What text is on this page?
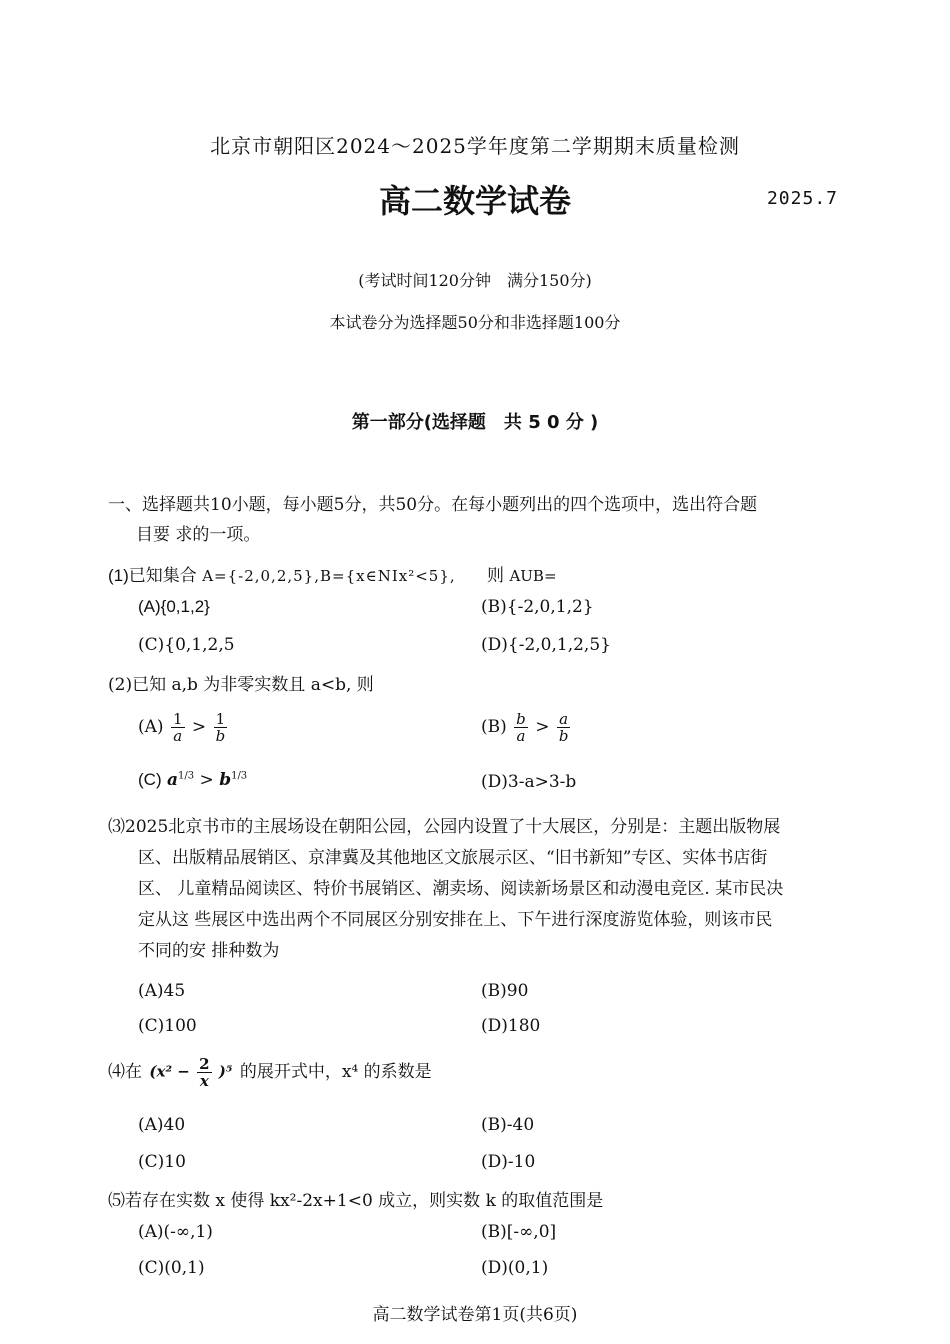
北京市朝阳区2024～2025学年度第二学期期末质量检测
高二数学试卷	2025.7
(考试时间120分钟　满分150分)
本试卷分为选择题50分和非选择题100分
第一部分(选择题　共 5 0 分 )
一、选择题共10小题，每小题5分，共50分。在每小题列出的四个选项中，选出符合题
目要 求的一项。
(1)已知集合 A={-2,0,2,5},B={x∈NIx²<5}, 则 AUB=
(A){0,1,2}	(B){-2,0,1,2}
(C){0,1,2,5	(D){-2,0,1,2,5}
(2)已知 a,b 为非零实数且 a<b, 则
$(A) \frac{1}{a} > \frac{1}{b}$	$(B) \frac{b}{a} > \frac{a}{b}$
(C) $a^{1/3} > b^{1/3}$	(D)3-a>3-b
⑶2025北京书市的主展场设在朝阳公园，公园内设置了十大展区，分别是：主题出版物展
区、出版精品展销区、京津冀及其他地区文旅展示区、“旧书新知”专区、实体书店街
区、 儿童精品阅读区、特价书展销区、潮卖场、阅读新场景区和动漫电竞区. 某市民决
定从这 些展区中选出两个不同展区分别安排在上、下午进行深度游览体验，则该市民
不同的安 排种数为
(A)45	(B)90
(C)100	(D)180
⑷在 $(x^2 - \frac{2}{x} )^5$ 的展开式中，x⁴ 的系数是
(A)40	(B)-40
(C)10	(D)-10
⑸若存在实数 x 使得 kx²-2x+1<0 成立，则实数 k 的取值范围是
(A)(-∞,1)	(B)[-∞,0]
(C)(0,1)	(D)(0,1)
高二数学试卷第1页(共6页)
